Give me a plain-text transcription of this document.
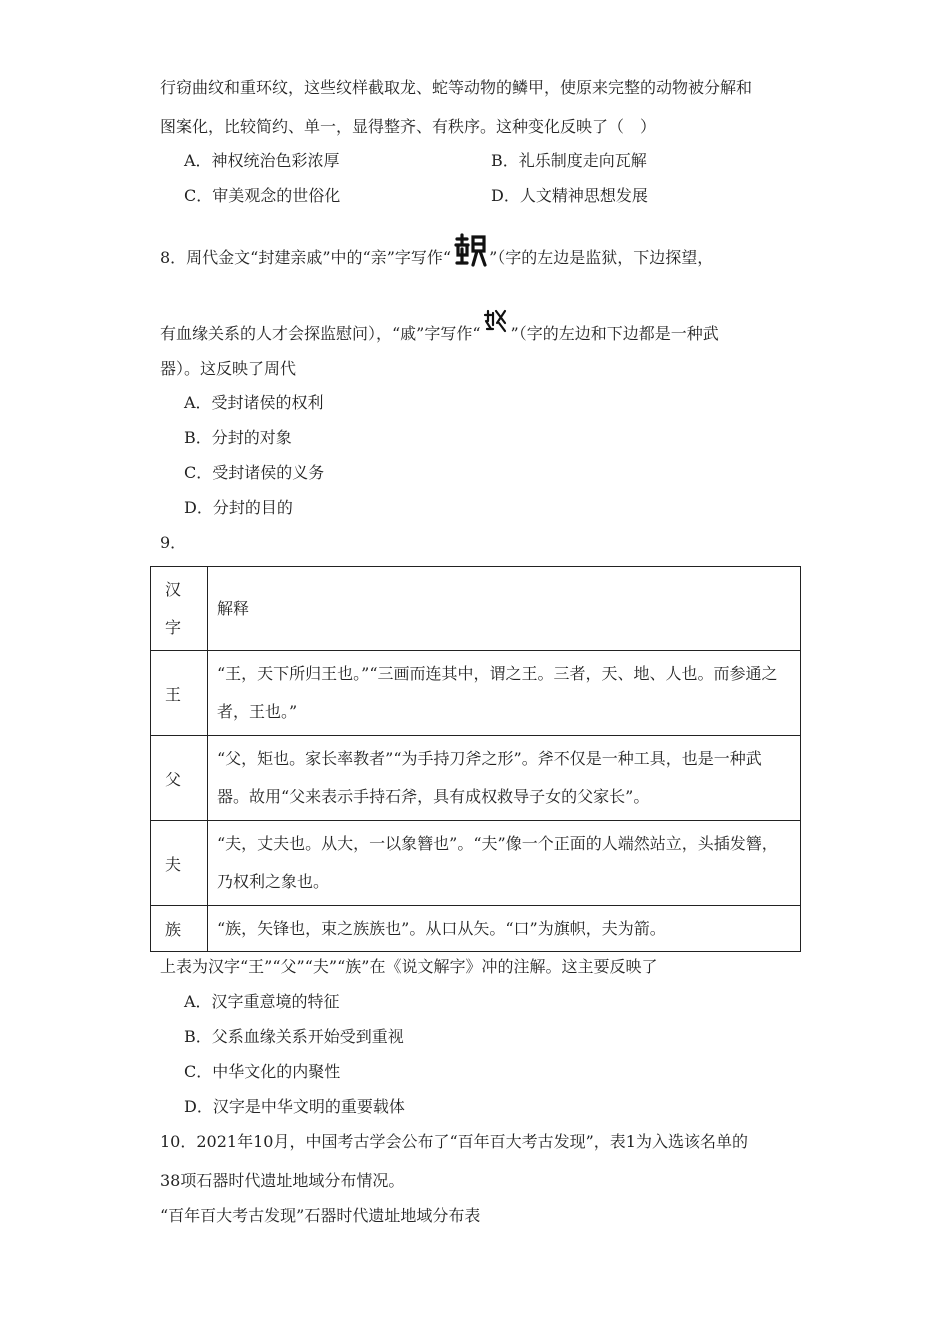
行窃曲纹和重环纹，这些纹样截取龙、蛇等动物的鳞甲，使原来完整的动物被分解和
图案化，比较简约、单一，显得整齐、有秩序。这种变化反映了（　）
A．神权统治色彩浓厚	B．礼乐制度走向瓦解
C．审美观念的世俗化	D．人文精神思想发展
8．周代金文“封建亲戚”中的“亲”字写作“ ”（字的左边是监狱，下边探望，
有血缘关系的人才会探监慰问），“戚”字写作“ ”（字的左边和下边都是一种武
器）。这反映了周代
A．受封诸侯的权利
B．分封的对象
C．受封诸侯的义务
D．分封的目的
9．
汉字	解释
王	“王，天下所归王也。”“三画而连其中，谓之王。三者，天、地、人也。而参通之者，王也。”
父	“父，矩也。家长率教者”“为手持刀斧之形”。斧不仅是一种工具，也是一种武器。故用“父来表示手持石斧，具有成权救导子女的父家长”。
夫	“夫，丈夫也。从大，一以象簪也”。“夫”像一个正面的人端然站立，头插发簪，乃权利之象也。
族	“族，矢锋也，束之族族也”。从口从矢。“口”为旗帜，夫为箭。
上表为汉字“王”“父”“夫”“族”在《说文解字》冲的注解。这主要反映了
A．汉字重意境的特征
B．父系血缘关系开始受到重视
C．中华文化的内聚性
D．汉字是中华文明的重要载体
10．2021年10月，中国考古学会公布了“百年百大考古发现”，表1为入选该名单的
38项石器时代遗址地域分布情况。
“百年百大考古发现”石器时代遗址地域分布表
